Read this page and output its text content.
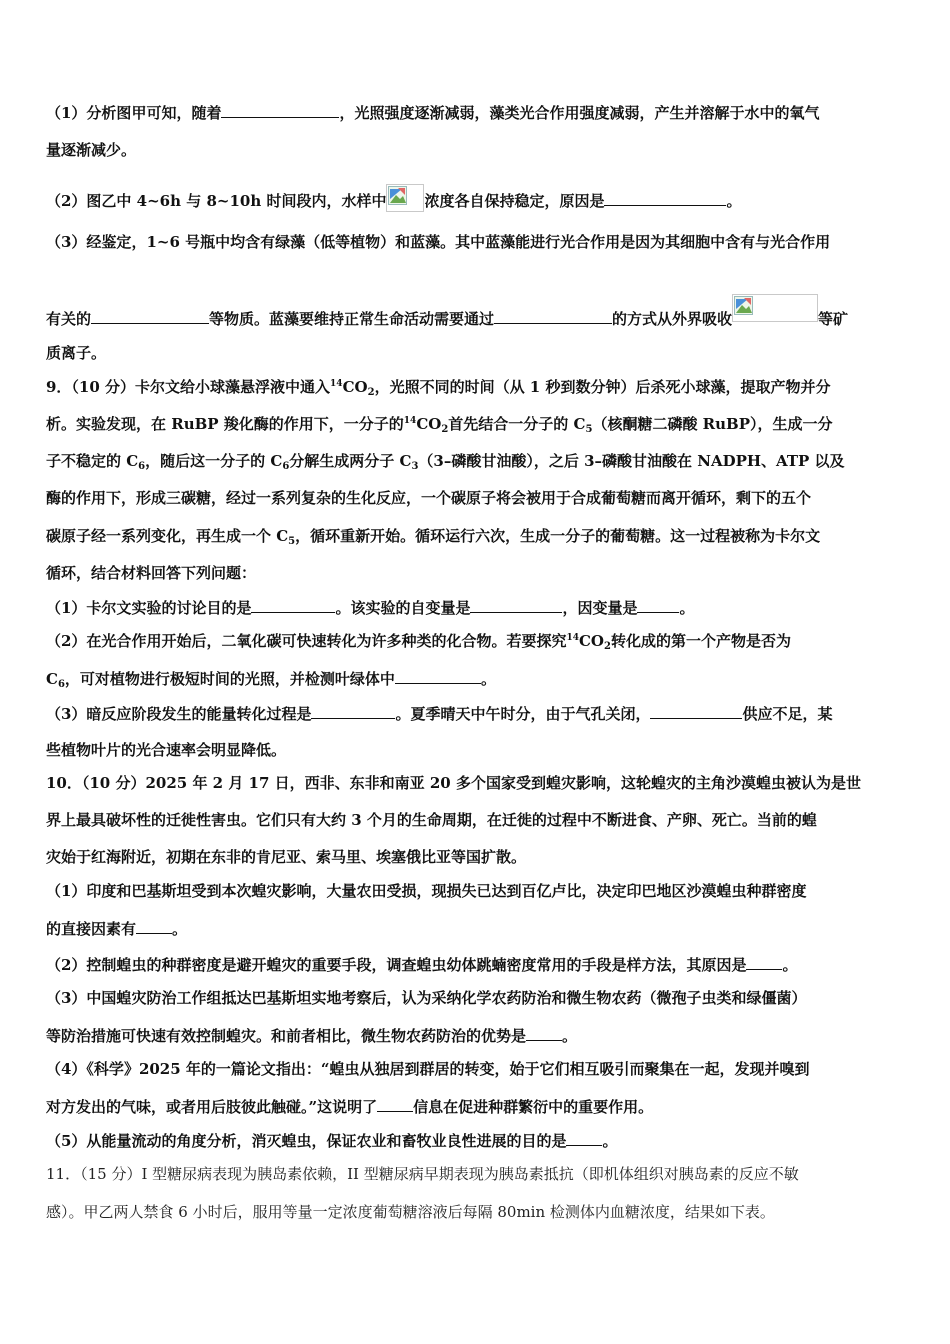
（1）分析图甲可知，随着	，光照强度逐渐减弱，藻类光合作用强度减弱，产生并溶解于水中的氧气
量逐渐减少。
（2）图乙中 4~6h 与 8~10h 时间段内，水样中	浓度各自保持稳定，原因是	。
（3）经鉴定，1~6 号瓶中均含有绿藻（低等植物）和蓝藻。其中蓝藻能进行光合作用是因为其细胞中含有与光合作用
有关的	等物质。蓝藻要维持正常生命活动需要通过	的方式从外界吸收	等矿
质离子。
9．（10 分）卡尔文给小球藻悬浮液中通入$^{14}CO_2$，光照不同的时间（从 1 秒到数分钟）后杀死小球藻，提取产物并分
析。实验发现，在 RuBP 羧化酶的作用下，一分子的$^{14}CO_2$首先结合一分子的 $C_5$（核酮糖二磷酸 RuBP），生成一分
子不稳定的 $C_6$，随后这一分子的 $C_6$分解生成两分子 $C_3(3-$磷酸甘油酸），之后 3–磷酸甘油酸在 NADPH、ATP 以及
酶的作用下，形成三碳糖，经过一系列复杂的生化反应，一个碳原子将会被用于合成葡萄糖而离开循环，剩下的五个
碳原子经一系列变化，再生成一个 $C_5$，循环重新开始。循环运行六次，生成一分子的葡萄糖。这一过程被称为卡尔文
循环，结合材料回答下列问题：
（1）卡尔文实验的讨论目的是	。该实验的自变量是	，因变量是	。
（2）在光合作用开始后，二氧化碳可快速转化为许多种类的化合物。若要探究$^{14}CO_2$转化成的第一个产物是否为
$C_6$，可对植物进行极短时间的光照，并检测叶绿体中	。
（3）暗反应阶段发生的能量转化过程是	。夏季晴天中午时分，由于气孔关闭，	供应不足，某
些植物叶片的光合速率会明显降低。
10．（10 分）2025 年 2 月 17 日，西非、东非和南亚 20 多个国家受到蝗灾影响，这轮蝗灾的主角沙漠蝗虫被认为是世
界上最具破坏性的迁徙性害虫。它们只有大约 3 个月的生命周期，在迁徙的过程中不断进食、产卵、死亡。当前的蝗
灾始于红海附近，初期在东非的肯尼亚、索马里、埃塞俄比亚等国扩散。
（1）印度和巴基斯坦受到本次蝗灾影响，大量农田受损，现损失已达到百亿卢比，决定印巴地区沙漠蝗虫种群密度
的直接因素有 。
（2）控制蝗虫的种群密度是避开蝗灾的重要手段，调查蝗虫幼体跳蝻密度常用的手段是样方法，其原因是 。
（3）中国蝗灾防治工作组抵达巴基斯坦实地考察后，认为采纳化学农药防治和微生物农药（微孢子虫类和绿僵菌）
等防治措施可快速有效控制蝗灾。和前者相比，微生物农药防治的优势是 。
（4）《科学》2025 年的一篇论文指出：“蝗虫从独居到群居的转变，始于它们相互吸引而聚集在一起，发现并嗅到
对方发出的气味，或者用后肢彼此触碰。”这说明了 信息在促进种群繁衍中的重要作用。
（5）从能量流动的角度分析，消灭蝗虫，保证农业和畜牧业良性进展的目的是 。
11．（15 分）I 型糖尿病表现为胰岛素依赖，II 型糖尿病早期表现为胰岛素抵抗（即机体组织对胰岛素的反应不敏
感）。甲乙两人禁食 6 小时后，服用等量一定浓度葡萄糖溶液后每隔 80min 检测体内血糖浓度，结果如下表。
